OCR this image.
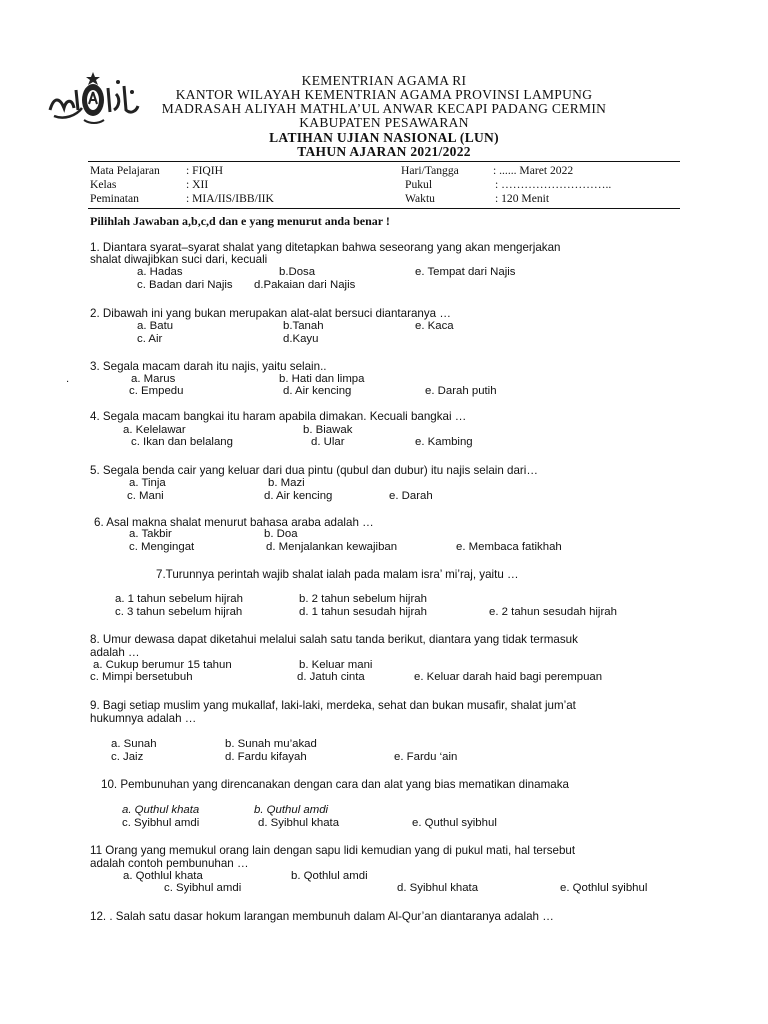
KEMENTRIAN AGAMA RI
KANTOR WILAYAH KEMENTRIAN AGAMA PROVINSI LAMPUNG
MADRASAH ALIYAH MATHLA’UL ANWAR KECAPI PADANG CERMIN
KABUPATEN PESAWARAN
LATIHAN UJIAN NASIONAL (LUN)
TAHUN AJARAN 2021/2022
Mata Pelajaran : FIQIH	Hari/Tangga	: ...... Maret 2022
Kelas	: XII	Pukul	: ………………………..
Peminatan	: MIA/IIS/IBB/IIK	Waktu	: 120 Menit
Pilihlah Jawaban a,b,c,d dan e yang menurut anda benar !
1. Diantara syarat–syarat shalat yang ditetapkan bahwa seseorang yang akan mengerjakan
shalat diwajibkan suci dari, kecuali
a. Hadas	b.Dosa	e. Tempat dari Najis
c. Badan dari Najis d.Pakaian dari Najis
2. Dibawah ini yang bukan merupakan alat-alat bersuci diantaranya …
a. Batu	b.Tanah	e. Kaca
c. Air	d.Kayu
3. Segala macam darah itu najis, yaitu selain..
.	a. Marus	b. Hati dan limpa
c. Empedu	d. Air kencing	e. Darah putih
4. Segala macam bangkai itu haram apabila dimakan. Kecuali bangkai …
a. Kelelawar	b. Biawak
c. Ikan dan belalang	d. Ular	e. Kambing
5. Segala benda cair yang keluar dari dua pintu (qubul dan dubur) itu najis selain dari…
a. Tinja	b. Mazi
c. Mani	d. Air kencing	e. Darah
6. Asal makna shalat menurut bahasa araba adalah …
a. Takbir	b. Doa
c. Mengingat	d. Menjalankan kewajiban	e. Membaca fatikhah
7.Turunnya perintah wajib shalat ialah pada malam isra’ mi’raj, yaitu …
a. 1 tahun sebelum hijrah	b. 2 tahun sebelum hijrah
c. 3 tahun sebelum hijrah	d. 1 tahun sesudah hijrah	e. 2 tahun sesudah hijrah
8. Umur dewasa dapat diketahui melalui salah satu tanda berikut, diantara yang tidak termasuk
adalah …
a. Cukup berumur 15 tahun	b. Keluar mani
c. Mimpi bersetubuh	d. Jatuh cinta	e. Keluar darah haid bagi perempuan
9. Bagi setiap muslim yang mukallaf, laki-laki, merdeka, sehat dan bukan musafir, shalat jum’at
hukumnya adalah …
a. Sunah	b. Sunah mu’akad
c. Jaiz	d. Fardu kifayah	e. Fardu ‘ain
10. Pembunuhan yang direncanakan dengan cara dan alat yang bias mematikan dinamaka
a. Quthul khata	b. Quthul amdi
c. Syibhul amdi	d. Syibhul khata	e. Quthul syibhul
11 Orang yang memukul orang lain dengan sapu lidi kemudian yang di pukul mati, hal tersebut
adalah contoh pembunuhan …
a. Qothlul khata	b. Qothlul amdi
c. Syibhul amdi	d. Syibhul khata	e. Qothlul syibhul
12. . Salah satu dasar hokum larangan membunuh dalam Al-Qur’an diantaranya adalah …
